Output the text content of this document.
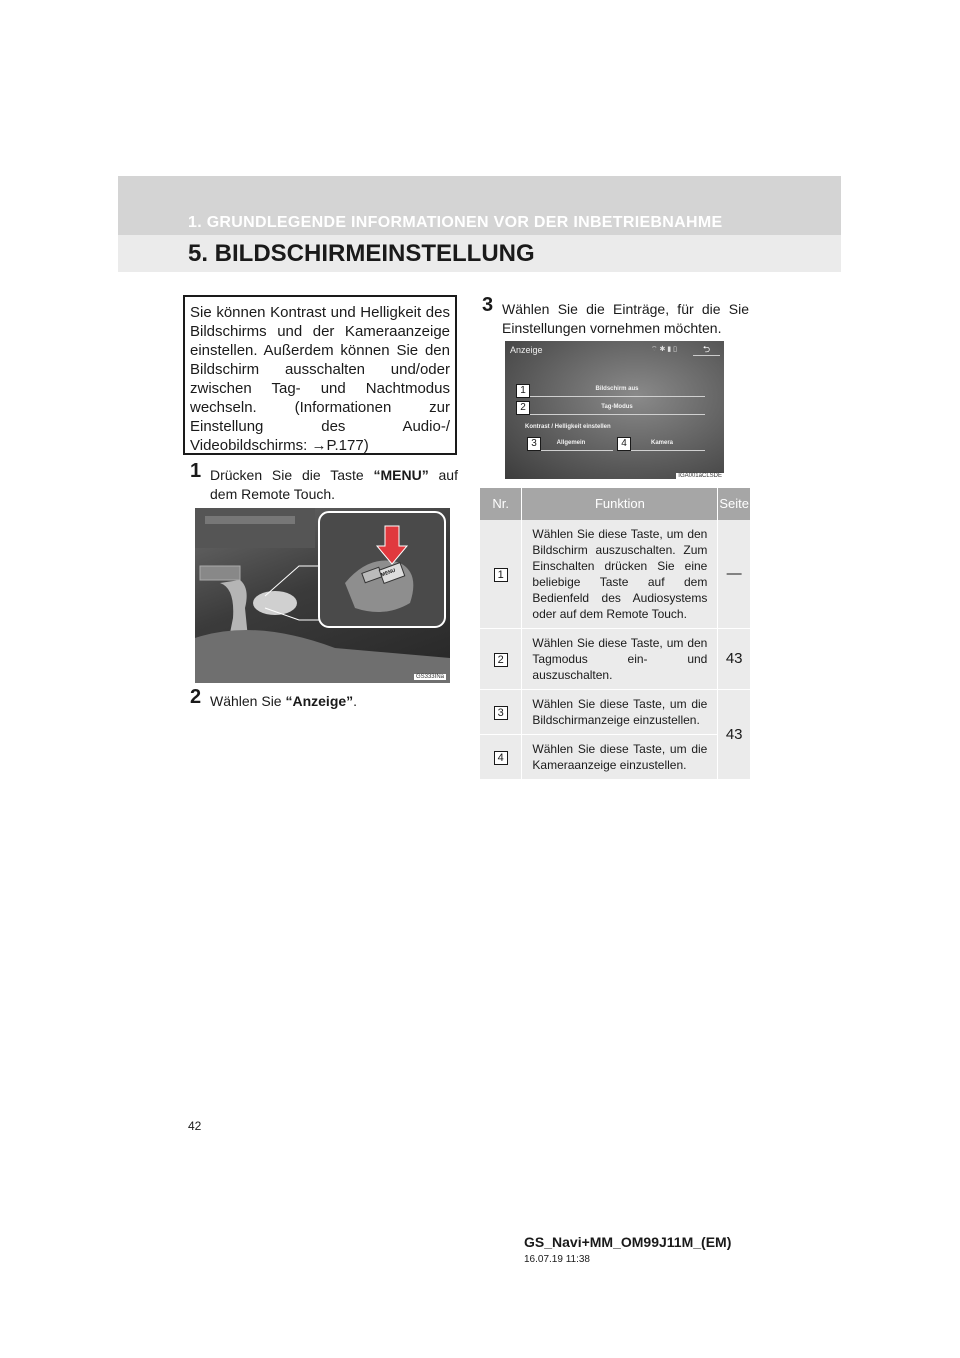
1. GRUNDLEGENDE INFORMATIONEN VOR DER INBETRIEBNAHME
5. BILDSCHIRMEINSTELLUNG
Sie können Kontrast und Helligkeit des Bildschirms und der Kameraanzeige einstellen. Außerdem können Sie den Bildschirm ausschalten und/oder zwischen Tag- und Nachtmodus wechseln. (Informationen zur Einstellung des Audio-/ Videobildschirms: →P.177)
1 Drücken Sie die Taste “MENU” auf dem Remote Touch.
MENU
GS333INa
2 Wählen Sie “Anzeige”.
3 Wählen Sie die Einträge, für die Sie Einstellungen vornehmen möchten.
Anzeige	⌔ ✱ ▮ ▯	⮌
Bildschirm aus
Tag-Modus
Kontrast / Helligkeit einstellen
Allgemein	Kamera
1
2
3	4
IGA001aCLSDE
Nr.	Funktion	Seite
1	Wählen Sie diese Taste, um den Bildschirm auszuschalten. Zum Einschalten drücken Sie eine beliebige Taste auf dem Bedienfeld des Audiosystems oder auf dem Remote Touch.	—
2	Wählen Sie diese Taste, um den Tagmodus ein- und auszuschalten.	43
3	Wählen Sie diese Taste, um die Bildschirmanzeige einzustellen.	43
4	Wählen Sie diese Taste, um die Kameraanzeige einzustellen.	
42
GS_Navi+MM_OM99J11M_(EM)
16.07.19 11:38
